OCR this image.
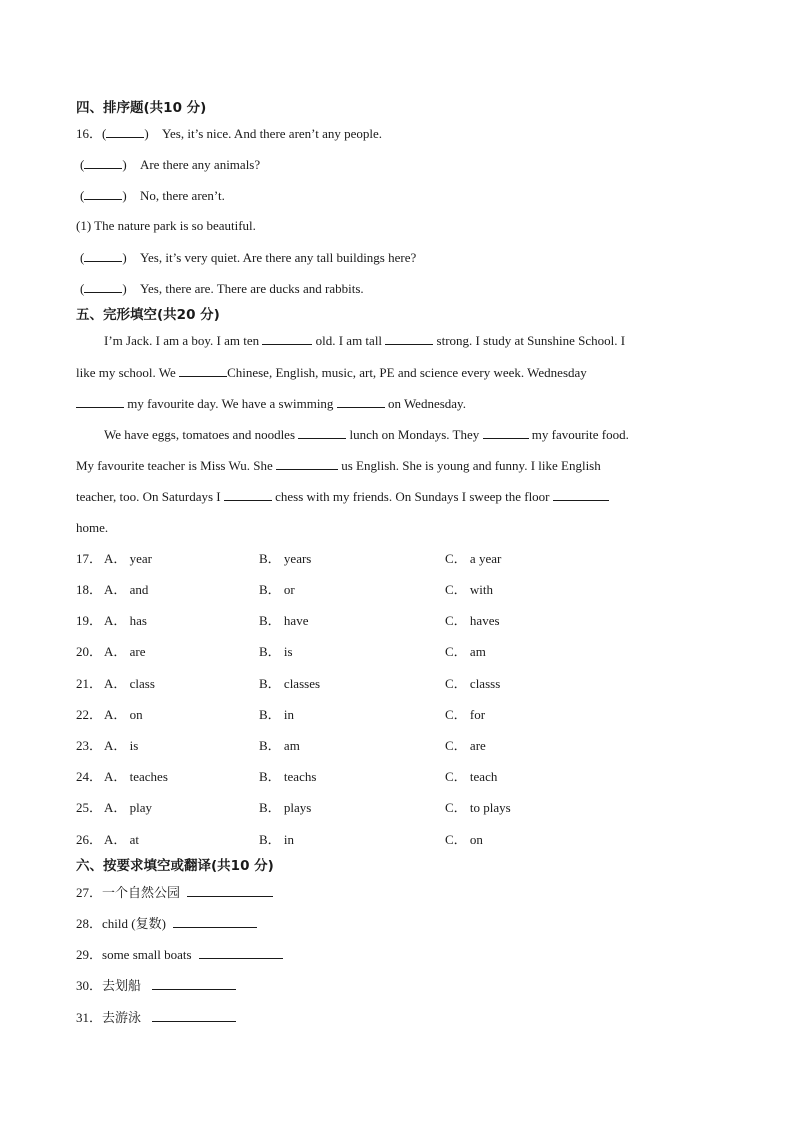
四、排序题(共10 分)
16．(	) Yes, it’s nice. And there aren’t any people.
(	) Are there any animals?
(	) No, there aren’t.
(1) The nature park is so beautiful.
(	) Yes, it’s very quiet. Are there any tall buildings here?
(	) Yes, there are. There are ducks and rabbits.
五、完形填空(共20 分)
I’m Jack. I am a boy. I am ten	old. I am tall	strong. I study at Sunshine School. I
like my school. We	Chinese, English, music, art, PE and science every week. Wednesday
my favourite day. We have a swimming	on Wednesday.
We have eggs, tomatoes and noodles	lunch on Mondays. They	my favourite food.
My favourite teacher is Miss Wu. She	us English. She is young and funny. I like English
teacher, too. On Saturdays I	chess with my friends. On Sundays I sweep the floor
home.
17． A． year	B． years	C． a year
18． A． and	B． or	C． with
19． A． has	B． have	C． haves
20． A． are	B． is	C． am
21． A． class	B． classes	C． classs
22． A． on	B． in	C． for
23． A． is	B． am	C． are
24． A． teaches	B． teachs	C． teach
25． A． play	B． plays	C． to plays
26． A． at	B． in	C． on
六、按要求填空或翻译(共10 分)
27．一个自然公园
28．child (复数)
29．some small boats
30．去划船
31．去游泳
